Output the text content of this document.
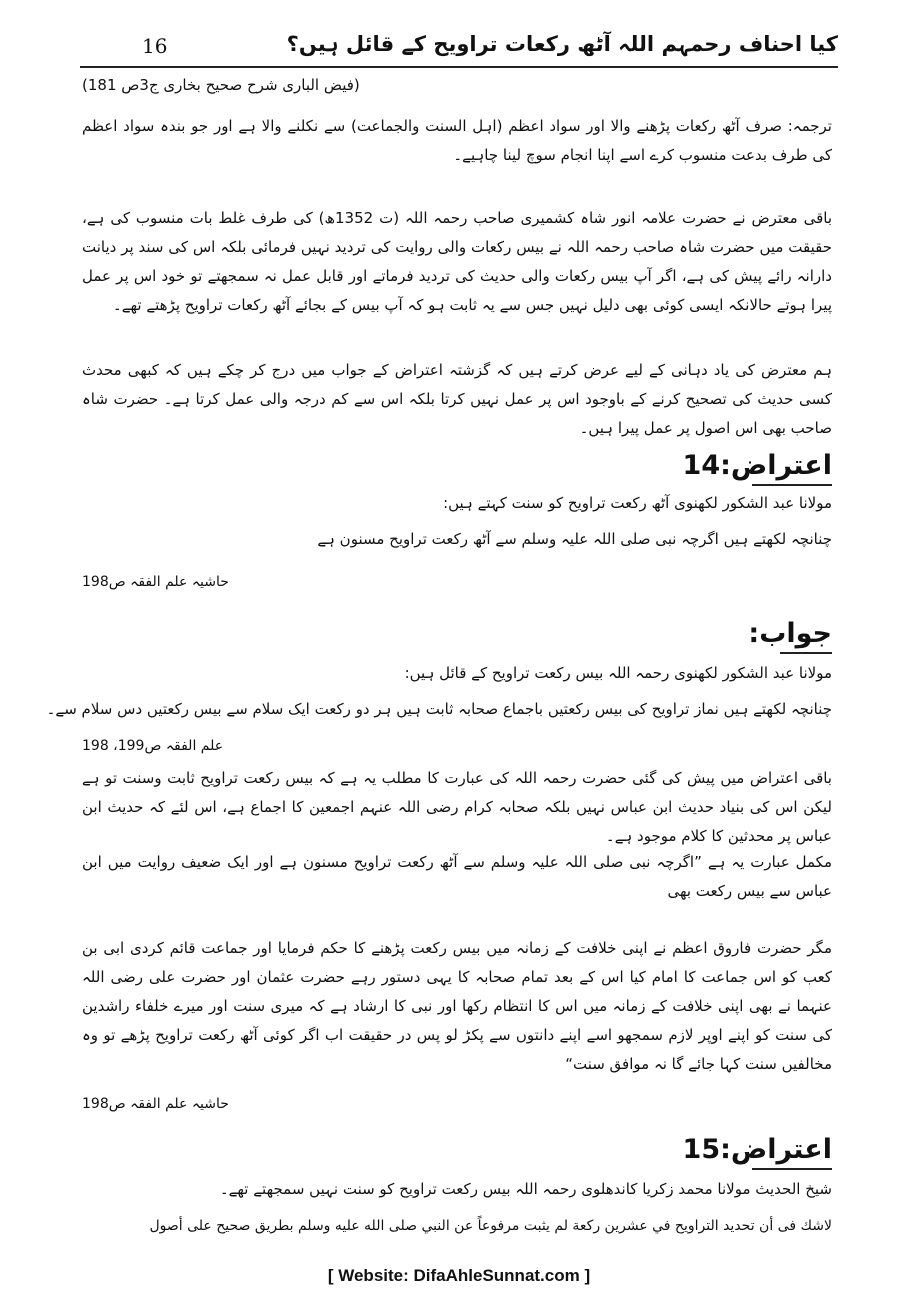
16	کیا احناف رحمہم اللہ آٹھ رکعات تراویح کے قائل ہیں؟
(فیض الباری شرح صحیح بخاری ج3ص 181)
ترجمہ: صرف آٹھ رکعات پڑھنے والا اور سواد اعظم (اہل السنت والجماعت) سے نکلنے والا ہے اور جو بندہ سواد اعظم کی طرف بدعت منسوب کرے اسے اپنا انجام سوچ لینا چاہیے۔
باقی معترض نے حضرت علامہ انور شاہ کشمیری صاحب رحمہ اللہ (ت 1352ھ) کی طرف غلط بات منسوب کی ہے، حقیقت میں حضرت شاہ صاحب رحمہ اللہ نے بیس رکعات والی روایت کی تردید نہیں فرمائی بلکہ اس کی سند پر دیانت دارانہ رائے پیش کی ہے، اگر آپ بیس رکعات والی حدیث کی تردید فرماتے اور قابل عمل نہ سمجھتے تو خود اس پر عمل پیرا ہوتے حالانکہ ایسی کوئی بھی دلیل نہیں جس سے یہ ثابت ہو کہ آپ بیس کے بجائے آٹھ رکعات تراویح پڑھتے تھے۔
ہم معترض کی یاد دہانی کے لیے عرض کرتے ہیں کہ گزشتہ اعتراض کے جواب میں درج کر چکے ہیں کہ کبھی محدث کسی حدیث کی تصحیح کرنے کے باوجود اس پر عمل نہیں کرتا بلکہ اس سے کم درجہ والی عمل کرتا ہے۔ حضرت شاہ صاحب بھی اس اصول پر عمل پیرا ہیں۔
اعتراض:14
مولانا عبد الشکور لکھنوی آٹھ رکعت تراویح کو سنت کہتے ہیں:
چنانچہ لکھتے ہیں اگرچہ نبی صلی اللہ علیہ وسلم سے آٹھ رکعت تراویح مسنون ہے
حاشیہ علم الفقہ ص198
جواب:
مولانا عبد الشکور لکھنوی رحمہ اللہ بیس رکعت تراویح کے قائل ہیں:
چنانچہ لکھتے ہیں نماز تراویح کی بیس رکعتیں باجماع صحابہ ثابت ہیں ہر دو رکعت ایک سلام سے بیس رکعتیں دس سلام سے۔
علم الفقہ ص199، 198
باقی اعتراض میں پیش کی گئی حضرت رحمہ اللہ کی عبارت کا مطلب یہ ہے کہ بیس رکعت تراویح ثابت وسنت تو ہے لیکن اس کی بنیاد حدیث ابن عباس نہیں بلکہ صحابہ کرام رضی اللہ عنہم اجمعین کا اجماع ہے، اس لئے کہ حدیث ابن عباس پر محدثین کا کلام موجود ہے۔
مکمل عبارت یہ ہے ”اگرچہ نبی صلی اللہ علیہ وسلم سے آٹھ رکعت تراویح مسنون ہے اور ایک ضعیف روایت میں ابن عباس سے بیس رکعت بھی
مگر حضرت فاروق اعظم نے اپنی خلافت کے زمانہ میں بیس رکعت پڑھنے کا حکم فرمایا اور جماعت قائم کردی ابی بن کعب کو اس جماعت کا امام کیا اس کے بعد تمام صحابہ کا یہی دستور رہے حضرت عثمان اور حضرت علی رضی اللہ عنہما نے بھی اپنی خلافت کے زمانہ میں اس کا انتظام رکھا اور نبی کا ارشاد ہے کہ میری سنت اور میرے خلفاء راشدین کی سنت کو اپنے اوپر لازم سمجھو اسے اپنے دانتوں سے پکڑ لو پس در حقیقت اب اگر کوئی آٹھ رکعت تراویح پڑھے تو وہ مخالفیں سنت کہا جائے گا نہ موافق سنت“
حاشیہ علم الفقہ ص198
اعتراض:15
شیخ الحدیث مولانا محمد زکریا کاندھلوی رحمہ اللہ بیس رکعت تراویح کو سنت نہیں سمجھتے تھے۔
لاشك فی أن تحديد التراويح في عشرين ركعة لم يثبت مرفوعاً عن النبي صلى الله عليه وسلم بطريق صحيح على أصول
[ Website: DifaAhleSunnat.com ]
